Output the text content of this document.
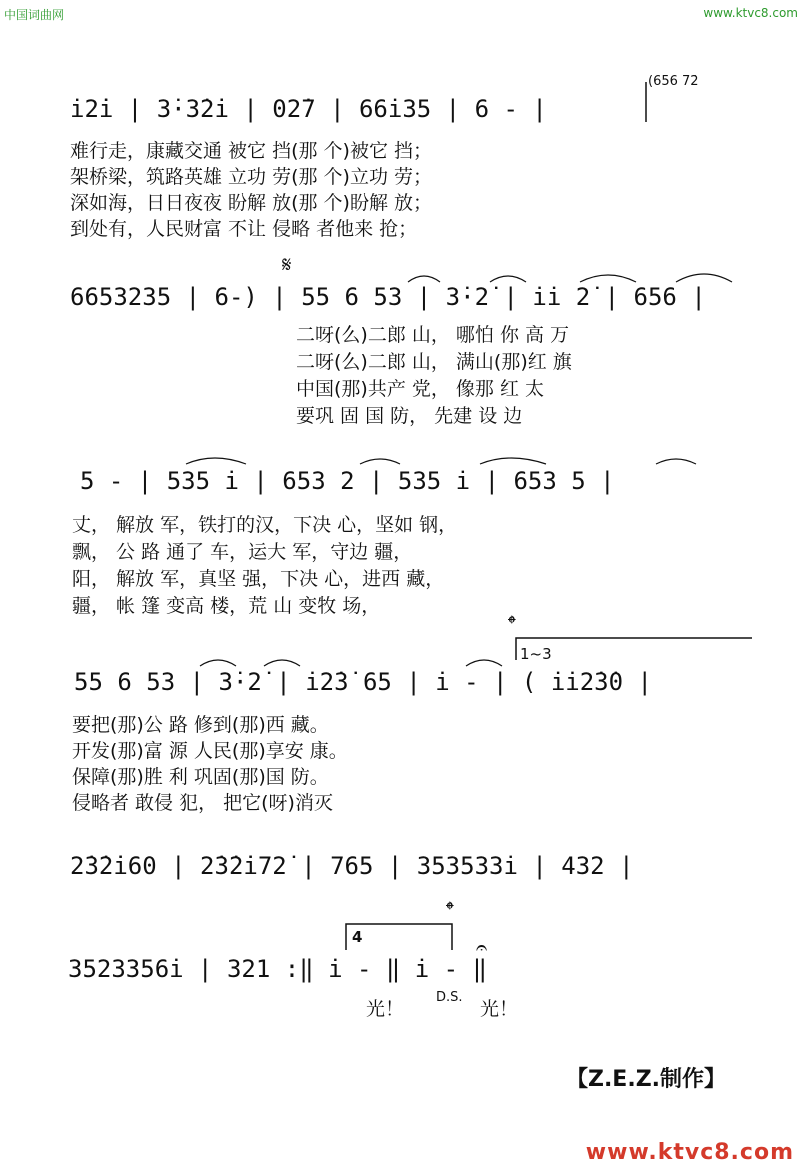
中国词曲网	www.ktvc8.com
(656 72̇
i̇2̇i̇ | 3̇·3̇2̇i̇ | 02̇7 | 66i̇35 | 6 - |
难行走，康藏交通 被它 挡(那 个)被它 挡；
架桥梁，筑路英雄 立功 劳(那 个)立功 劳；
深如海，日日夜夜 盼解 放(那 个)盼解 放；
到处有，人民财富 不让 侵略 者他来 抢；
𝄋
6653235 | 6-) | 55 6 53 | 3̇·2̇ | i̇i̇ 2̇ | 656 |
二呀(么)二郎 山， 哪怕 你 高 万
二呀(么)二郎 山， 满山(那)红 旗
中国(那)共产 党， 像那 红 太
要巩 固 国 防， 先建 设 边
5 - | 535 i̇ | 653 2 | 535 i̇ | 653 5 |
丈， 解放 军，铁打的汉，下决 心，坚如 钢，
飘， 公 路 通了 车，运大 军，守边 疆，
阳， 解放 军，真坚 强，下决 心，进西 藏，
疆， 帐 篷 变高 楼，荒 山 变牧 场，
𝄌
1~3
55 6 53 | 3̇·2̇ | i̇2̇3̇ 65 | i̇ - | ( i̇i̇2̇3̇0 |
要把(那)公 路 修到(那)西 藏。
开发(那)富 源 人民(那)享安 康。
保障(那)胜 利 巩固(那)国 防。
侵略者 敢侵 犯， 把它(呀)消灭
2̇3̇2̇i̇60 | 2̇3̇2̇i̇72̇ | 765 | 353533i̇ | 432 |
𝄌
4
3523356i̇ | 321 :‖ i̇ - ‖ i̇ - ‖
𝄐
光！
D.S.
光！
【Z.E.Z.制作】
www.ktvc8.com
